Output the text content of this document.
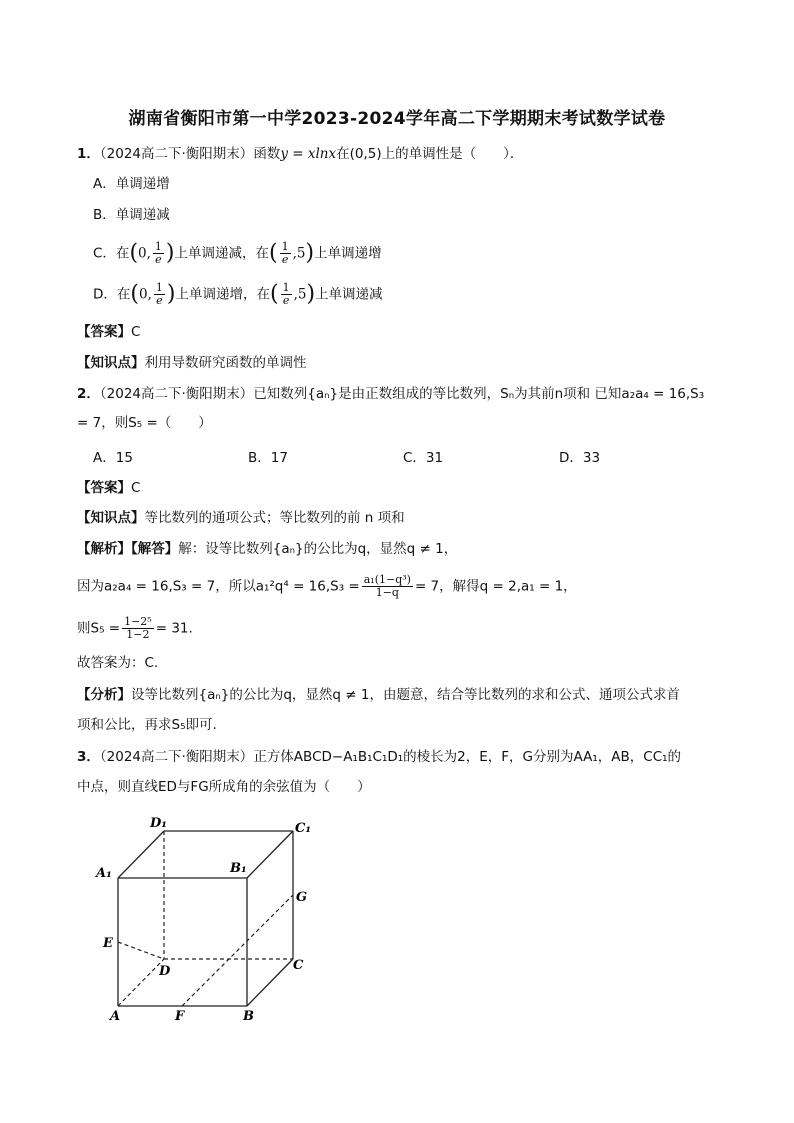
湖南省衡阳市第一中学2023-2024学年高二下学期期末考试数学试卷
1．（2024高二下·衡阳期末）函数y = xlnx在(0,5)上的单调性是（　　）．
A．单调递增
B．单调递减
C．在(0, $\frac{1}{e}$ )上单调递减，在( $\frac{1}{e} ,5$)上单调递增
D．在(0, $\frac{1}{e}$ )上单调递增，在( $\frac{1}{e} ,5$)上单调递减
【答案】C
【知识点】利用导数研究函数的单调性
2．（2024高二下·衡阳期末）已知数列{aₙ}是由正数组成的等比数列，Sₙ为其前n项和 已知a₂a₄ = 16,S₃
= 7，则S₅ =（　　）
A．15	B．17	C．31	D．33
【答案】C
【知识点】等比数列的通项公式；等比数列的前 n 项和
【解析】【解答】解：设等比数列{aₙ}的公比为q，显然q ≠ 1，
因为a₂a₄ = 16,S₃ = 7，所以$a_1^2q^4 = 16,S_3 = \frac{\text{a₁(1−q³)}}{1-q} = 7$，解得q = 2,a₁ = 1，
则$S_5 = \frac{\text{1−2⁵}}{1-2} = 31$.
故答案为：C.
【分析】设等比数列{aₙ}的公比为q，显然q ≠ 1，由题意，结合等比数列的求和公式、通项公式求首
项和公比，再求S₅即可.
3．（2024高二下·衡阳期末）正方体ABCD−A₁B₁C₁D₁的棱长为2，E，F，G分别为AA₁，AB，CC₁的
中点，则直线ED与FG所成角的余弦值为（　　）
D₁	C₁
A₁	B₁
G
E
D	C
A	F	B
